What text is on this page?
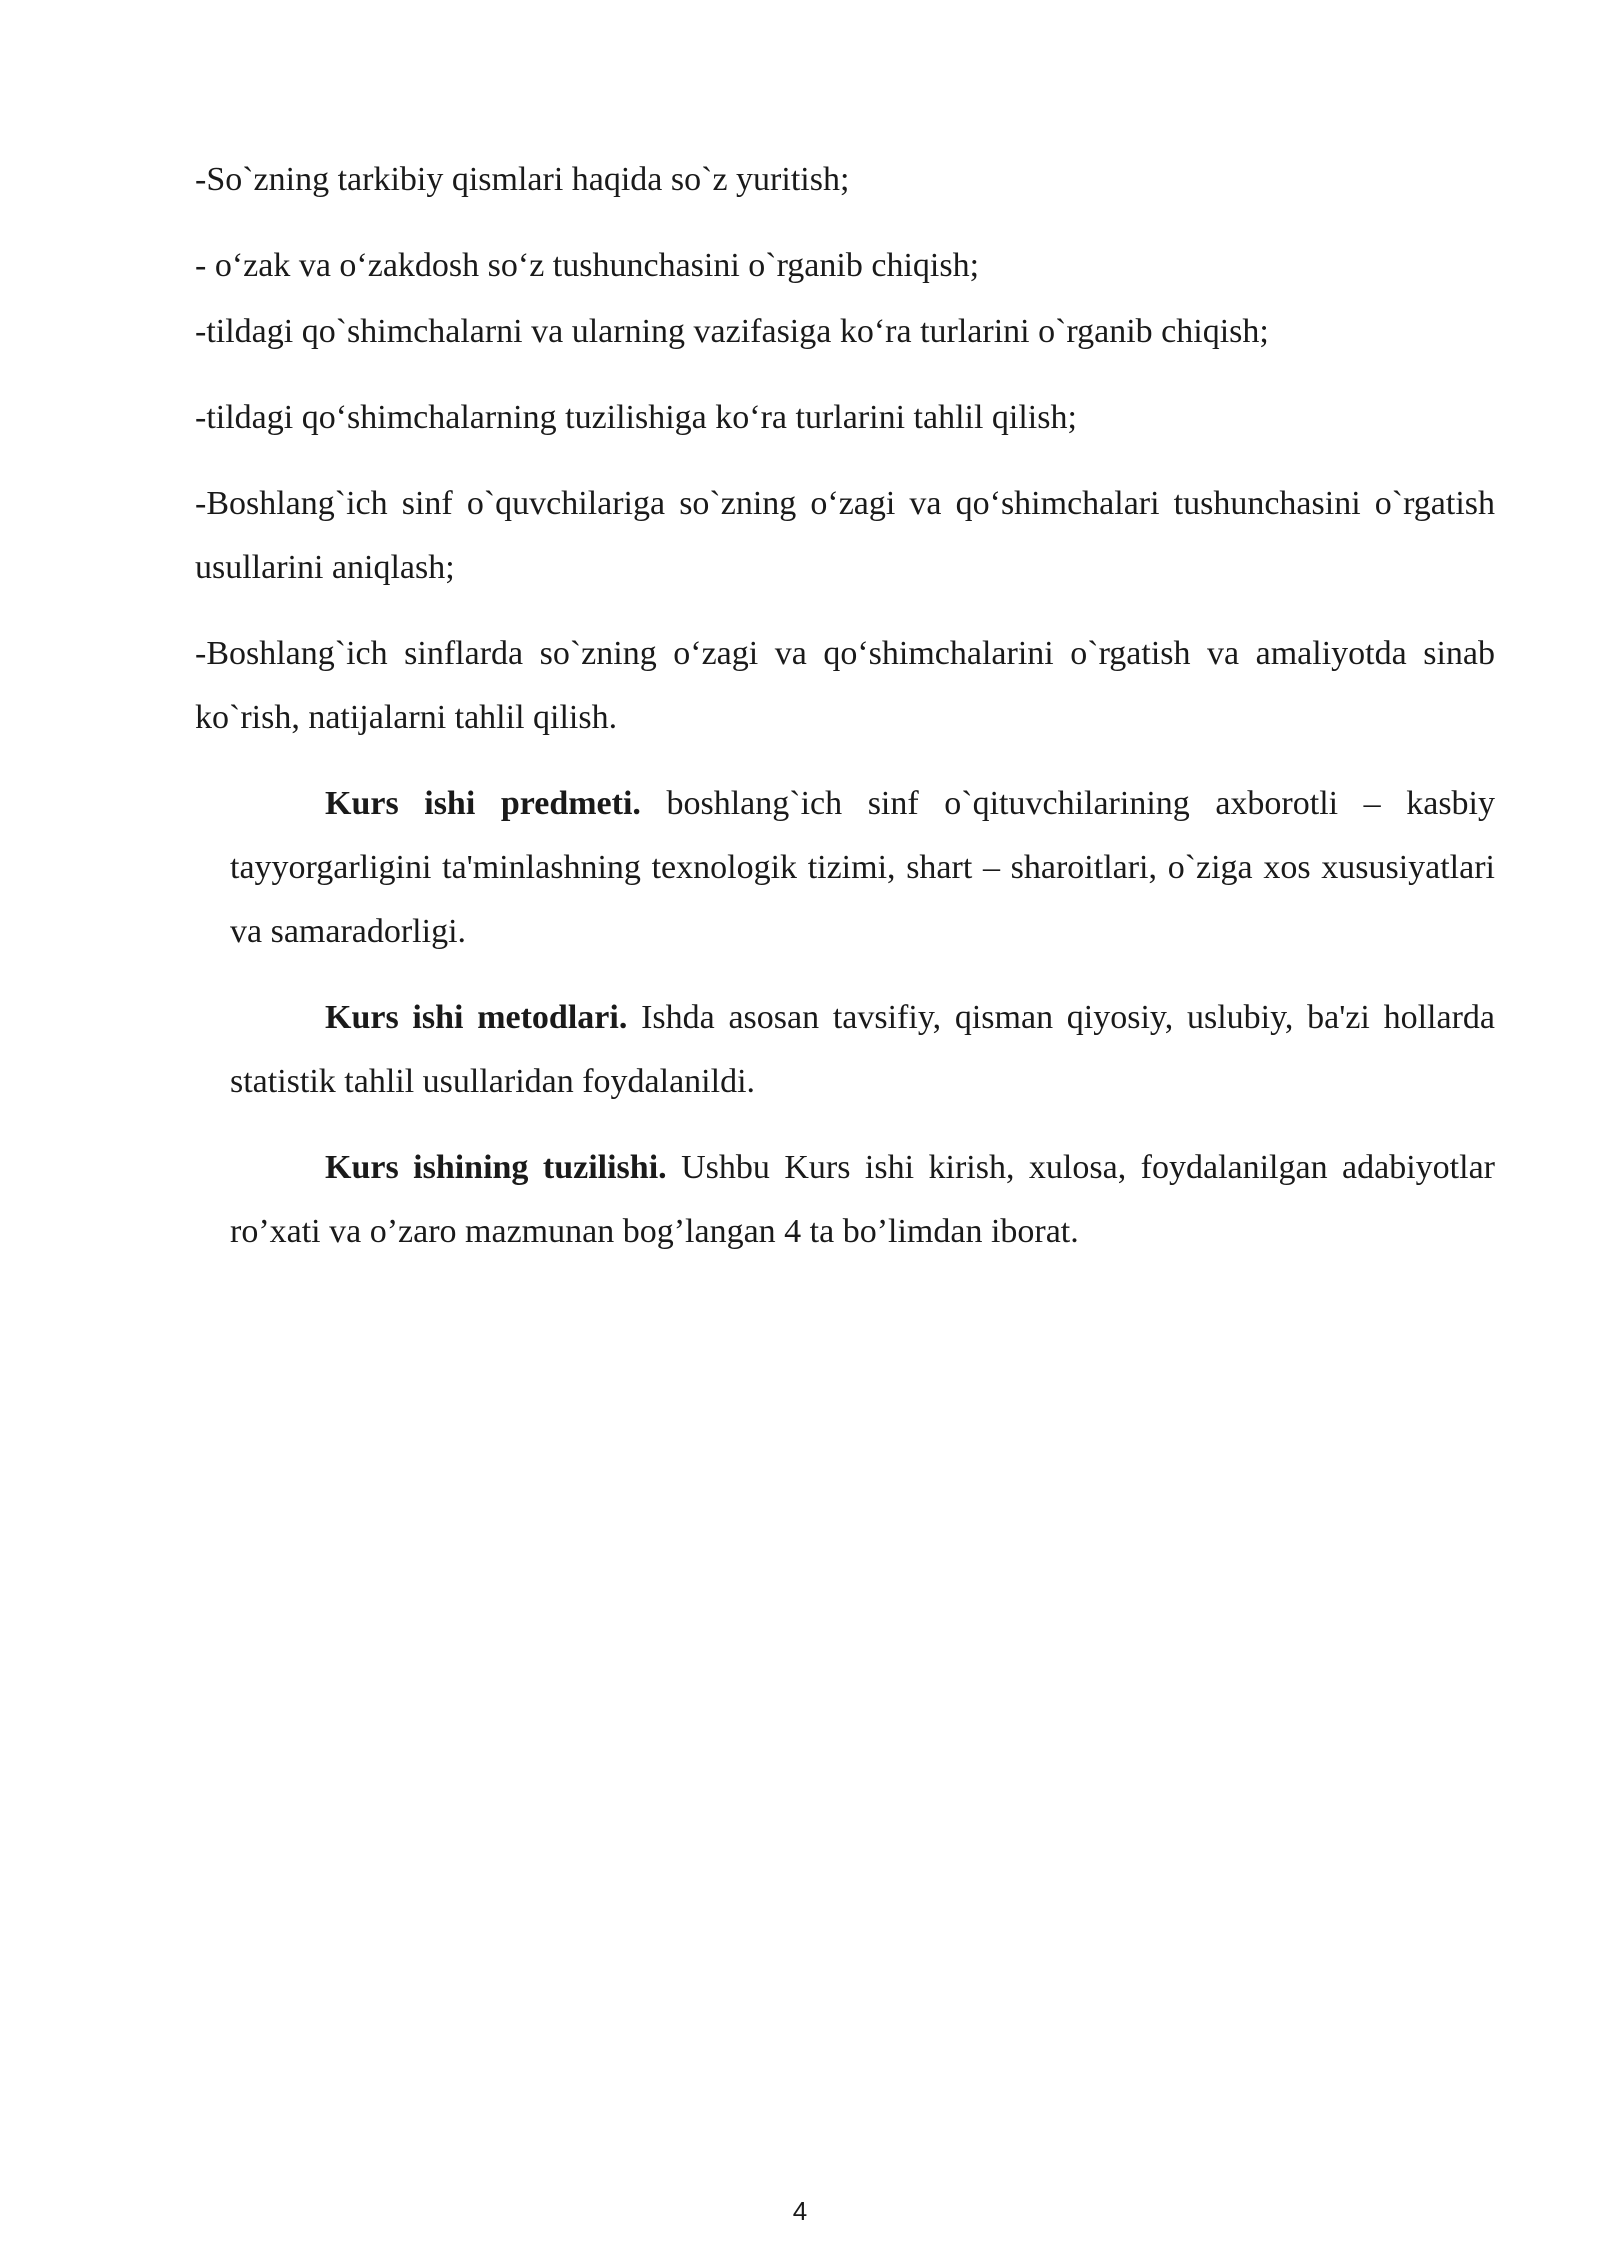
-So`zning tarkibiy qismlari haqida so`z yuritish;

- o‘zak va o‘zakdosh so‘z tushunchasini o`rganib chiqish;

-tildagi qo`shimchalarni va ularning vazifasiga ko‘ra turlarini o`rganib chiqish;

-tildagi qo‘shimchalarning tuzilishiga ko‘ra turlarini tahlil qilish;

-Boshlang`ich sinf o`quvchilariga so`zning o‘zagi va qo‘shimchalari tushunchasini o`rgatish usullarini aniqlash;

-Boshlang`ich sinflarda so`zning o‘zagi va qo‘shimchalarini o`rgatish va amaliyotda sinab ko`rish, natijalarni tahlil qilish.

Kurs ishi predmeti. boshlang`ich sinf o`qituvchilarining axborotli – kasbiy tayyorgarligini ta'minlashning texnologik tizimi, shart – sharoitlari, o`ziga xos xususiyatlari va samaradorligi.

Kurs ishi metodlari. Ishda asosan tavsifiy, qisman qiyosiy, uslubiy, ba'zi hollarda statistik tahlil usullaridan foydalanildi.

Kurs ishining tuzilishi. Ushbu Kurs ishi kirish, xulosa, foydalanilgan adabiyotlar ro’xati va o’zaro mazmunan bog’langan 4 ta bo’limdan iborat.

4
